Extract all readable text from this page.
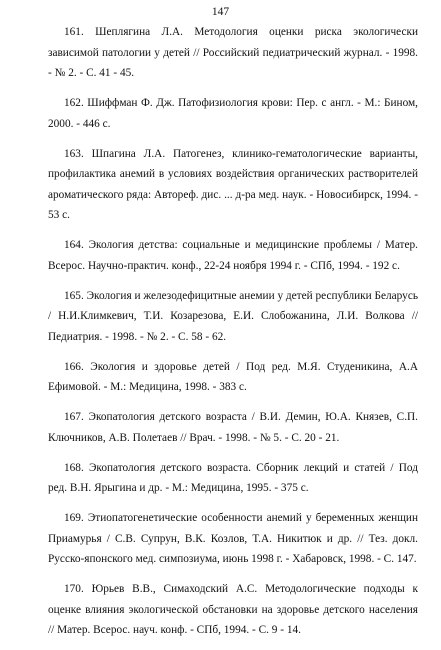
147

161. Шеплягина Л.А. Методология оценки риска экологически зависимой патологии у детей // Российский педиатрический журнал. - 1998. - № 2. - С. 41 - 45.

162. Шиффман Ф. Дж. Патофизиология крови: Пер. с англ. - М.: Бином, 2000. - 446 с.

163. Шпагина Л.А. Патогенез, клинико-гематологические варианты, профилактика анемий в условиях воздействия органических растворителей ароматического ряда: Автореф. дис. ... д-ра мед. наук. - Новосибирск, 1994. - 53 с.

164. Экология детства: социальные и медицинские проблемы / Матер. Всерос. Научно-практич. конф., 22-24 ноября 1994 г. - СПб, 1994. - 192 с.

165. Экология и железодефицитные анемии у детей республики Беларусь / Н.И.Климкевич, Т.И. Козарезова, Е.И. Слобожанина, Л.И. Волкова // Педиатрия. - 1998. - № 2. - С. 58 - 62.

166. Экология и здоровье детей / Под ред. М.Я. Студеникина, А.А Ефимовой. - М.: Медицина, 1998. - 383 с.

167. Экопатология детского возраста / В.И. Демин, Ю.А. Князев, С.П. Ключников, А.В. Полетаев // Врач. - 1998. - № 5. - С. 20 - 21.

168. Экопатология детского возраста. Сборник лекций и статей / Под ред. В.Н. Ярыгина и др. - М.: Медицина, 1995. - 375 с.

169. Этиопатогенетические особенности анемий у беременных женщин Приамурья / С.В. Супрун, В.К. Козлов, Т.А. Никитюк и др. // Тез. докл. Русско-японского мед. симпозиума, июнь 1998 г. - Хабаровск, 1998. - С. 147.

170. Юрьев В.В., Симаходский А.С. Методологические подходы к оценке влияния экологической обстановки на здоровье детского населения // Матер. Всерос. науч. конф. - СПб, 1994. - С. 9 - 14.
